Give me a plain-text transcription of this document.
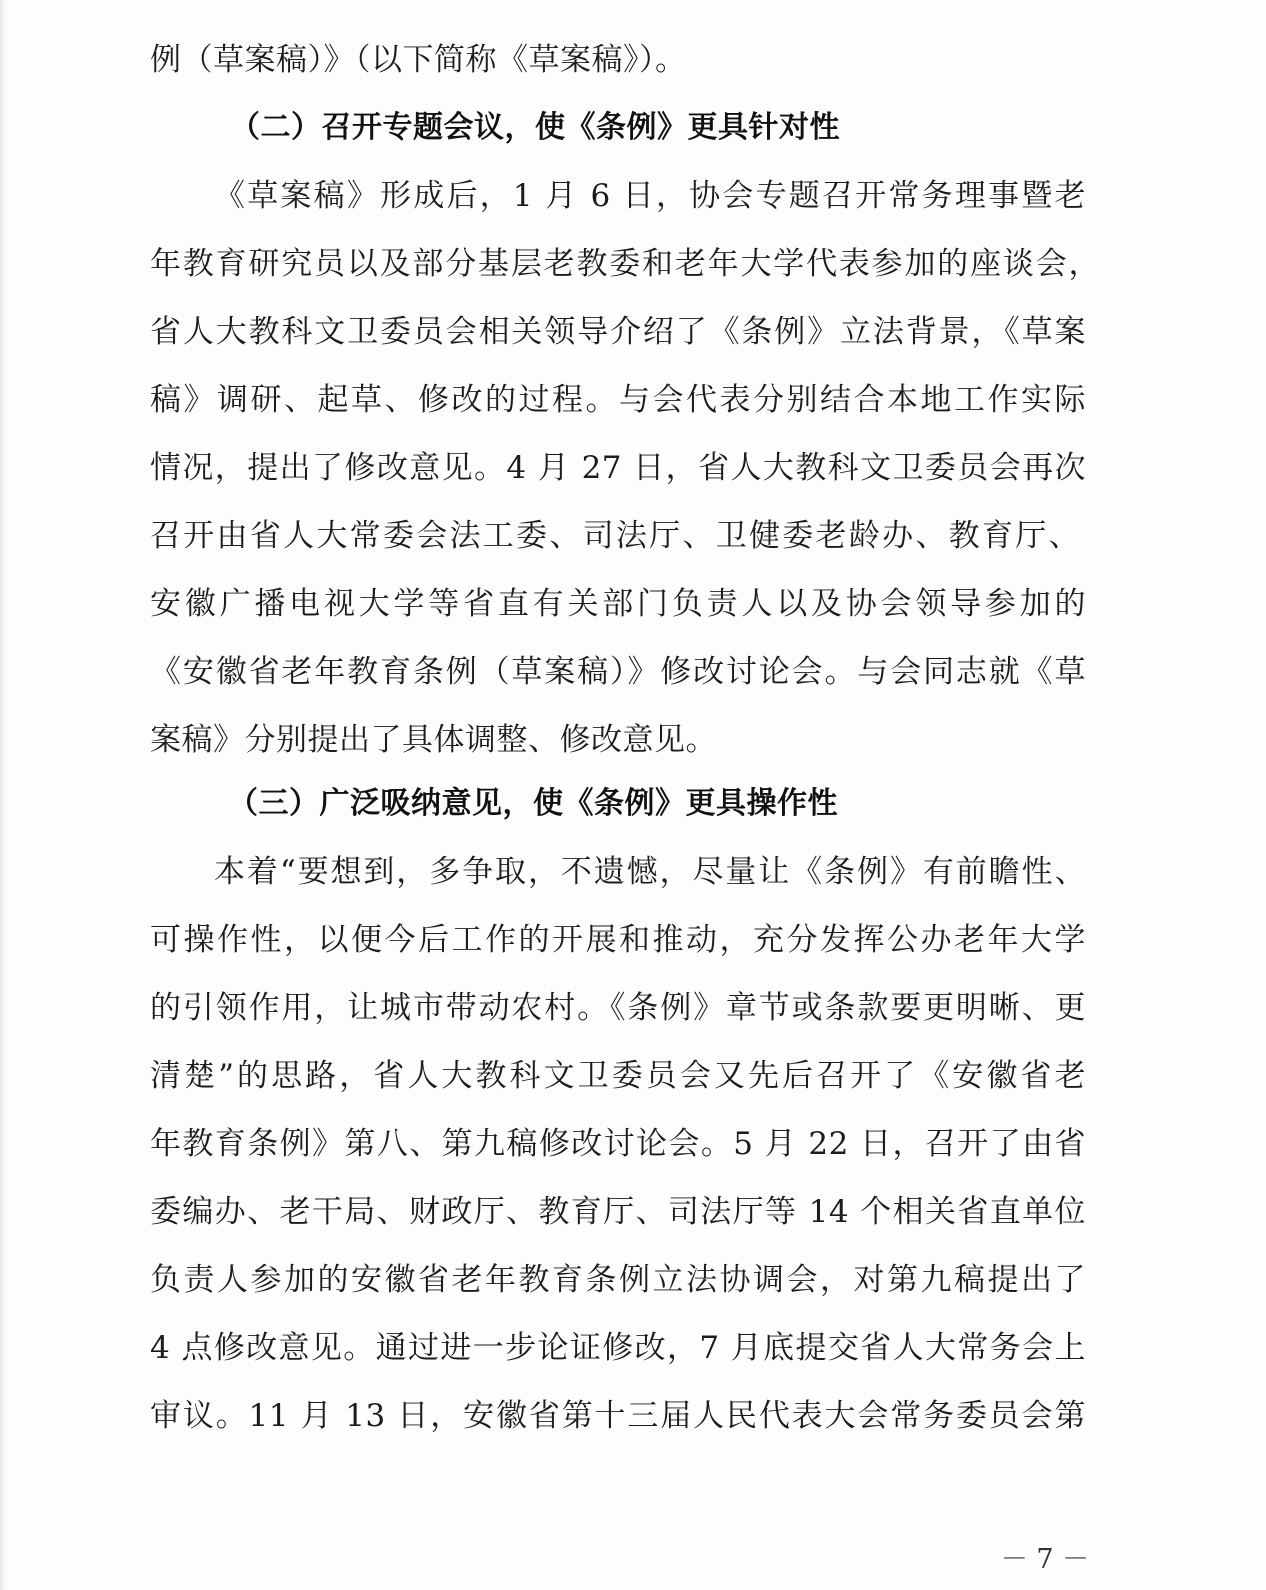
例（草案稿）》（以下简称《草案稿》）。
（二）召开专题会议，使《条例》更具针对性
《草案稿》形成后，1 月 6 日，协会专题召开常务理事暨老
年教育研究员以及部分基层老教委和老年大学代表参加的座谈会，
省人大教科文卫委员会相关领导介绍了《条例》立法背景，《草案
稿》调研、起草、修改的过程。与会代表分别结合本地工作实际
情况，提出了修改意见。4 月 27 日，省人大教科文卫委员会再次
召开由省人大常委会法工委、司法厅、卫健委老龄办、教育厅、
安徽广播电视大学等省直有关部门负责人以及协会领导参加的
《安徽省老年教育条例（草案稿）》修改讨论会。与会同志就《草
案稿》分别提出了具体调整、修改意见。
（三）广泛吸纳意见，使《条例》更具操作性
本着“要想到，多争取，不遗憾，尽量让《条例》有前瞻性、
可操作性，以便今后工作的开展和推动，充分发挥公办老年大学
的引领作用，让城市带动农村。《条例》章节或条款要更明晰、更
清楚”的思路，省人大教科文卫委员会又先后召开了《安徽省老
年教育条例》第八、第九稿修改讨论会。5 月 22 日，召开了由省
委编办、老干局、财政厅、教育厅、司法厅等 14 个相关省直单位
负责人参加的安徽省老年教育条例立法协调会，对第九稿提出了
4 点修改意见。通过进一步论证修改，7 月底提交省人大常务会上
审议。11 月 13 日，安徽省第十三届人民代表大会常务委员会第
－ 7 －
